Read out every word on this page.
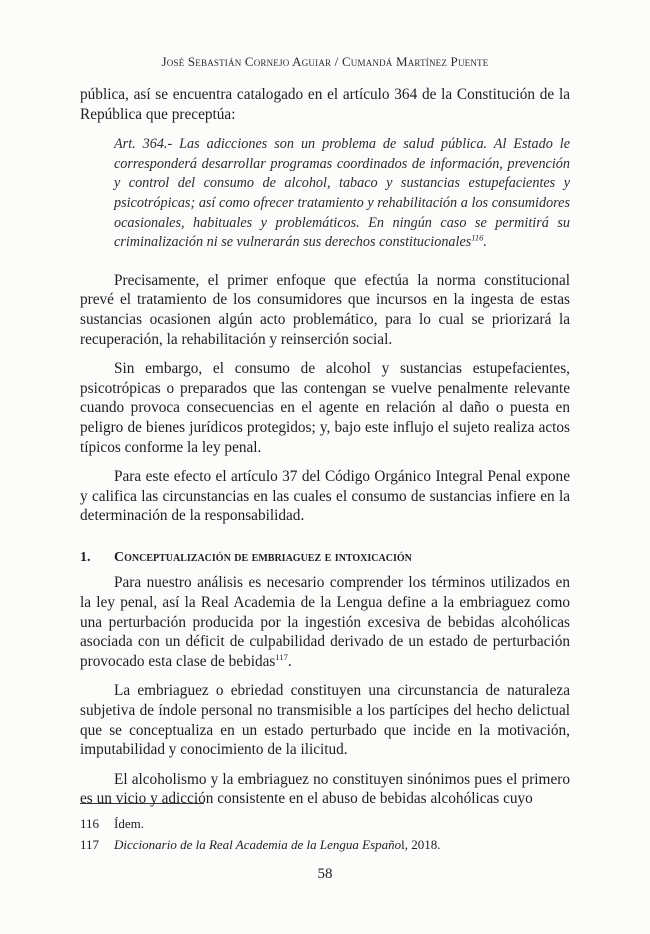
José Sebastián Cornejo Aguiar / Cumandá Martínez Puente

pública, así se encuentra catalogado en el artículo 364 de la Constitución de la República que preceptúa:

Art. 364.- Las adicciones son un problema de salud pública. Al Estado le corresponderá desarrollar programas coordinados de información, prevención y control del consumo de alcohol, tabaco y sustancias estupefacientes y psicotrópicas; así como ofrecer tratamiento y rehabilitación a los consumidores ocasionales, habituales y problemáticos. En ningún caso se permitirá su criminalización ni se vulnerarán sus derechos constitucionales$^{116}$.

Precisamente, el primer enfoque que efectúa la norma constitucional prevé el tratamiento de los consumidores que incursos en la ingesta de estas sustancias ocasionen algún acto problemático, para lo cual se priorizará la recuperación, la rehabilitación y reinserción social.

Sin embargo, el consumo de alcohol y sustancias estupefacientes, psicotrópicas o preparados que las contengan se vuelve penalmente relevante cuando provoca consecuencias en el agente en relación al daño o puesta en peligro de bienes jurídicos protegidos; y, bajo este influjo el sujeto realiza actos típicos conforme la ley penal.

Para este efecto el artículo 37 del Código Orgánico Integral Penal expone y califica las circunstancias en las cuales el consumo de sustancias infiere en la determinación de la responsabilidad.

1.	Conceptualización de embriaguez e intoxicación

Para nuestro análisis es necesario comprender los términos utilizados en la ley penal, así la Real Academia de la Lengua define a la embriaguez como una perturbación producida por la ingestión excesiva de bebidas alcohólicas asociada con un déficit de culpabilidad derivado de un estado de perturbación provocado esta clase de bebidas$^{117}$.

La embriaguez o ebriedad constituyen una circunstancia de naturaleza subjetiva de índole personal no transmisible a los partícipes del hecho delictual que se conceptualiza en un estado perturbado que incide en la motivación, imputabilidad y conocimiento de la ilicitud.

El alcoholismo y la embriaguez no constituyen sinónimos pues el primero es un vicio y adicción consistente en el abuso de bebidas alcohólicas cuyo

116	Ídem.
117	Diccionario de la Real Academia de la Lengua Español, 2018.
58
